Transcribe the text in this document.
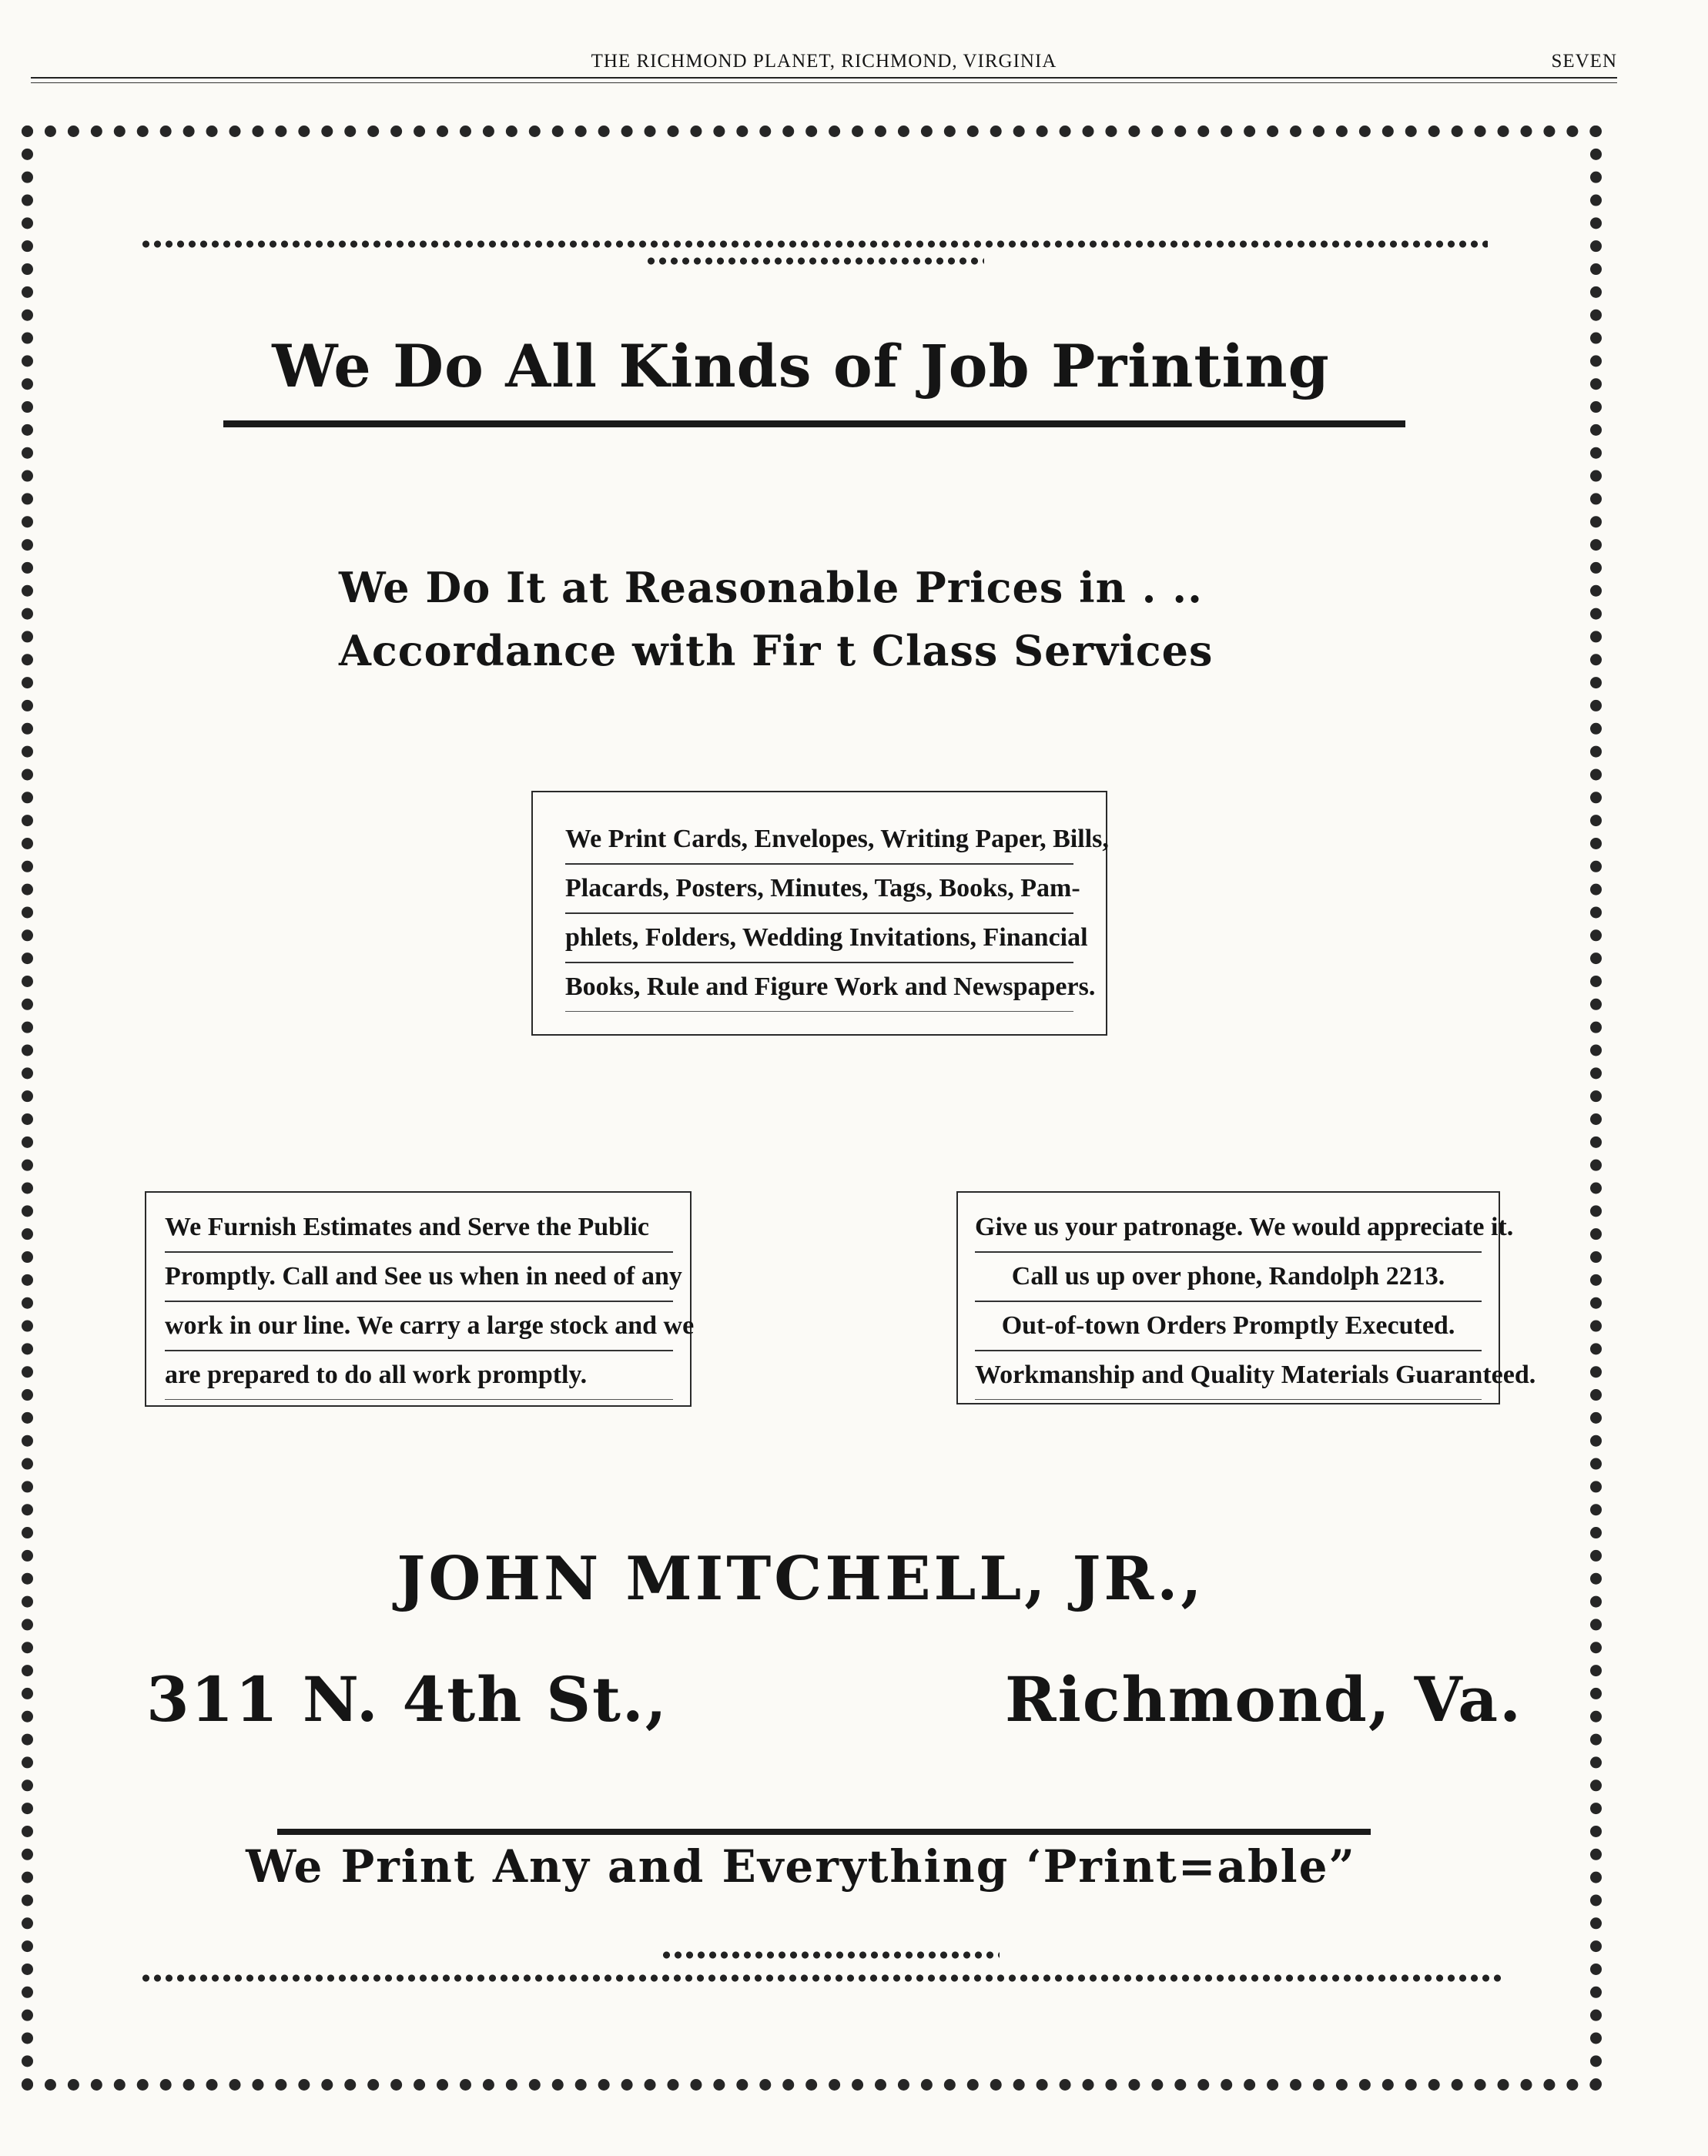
THE RICHMOND PLANET, RICHMOND, VIRGINIA	SEVEN
We Do All Kinds of Job Printing
We Do It at Reasonable Prices in . ..
Accordance with Fir t Class Services
We Print Cards, Envelopes, Writing Paper, Bills,
Placards, Posters, Minutes, Tags, Books, Pam-
phlets, Folders, Wedding Invitations, Financial
Books, Rule and Figure Work and Newspapers.
We Furnish Estimates and Serve the Public
Promptly. Call and See us when in need of any
work in our line. We carry a large stock and we
are prepared to do all work promptly.
Give us your patronage. We would appreciate it.
Call us up over phone, Randolph 2213.
Out-of-town Orders Promptly Executed.
Workmanship and Quality Materials Guaranteed.
JOHN MITCHELL, JR.,
311 N. 4th St.,	Richmond, Va.
We Print Any and Everything ‘Print=able”
